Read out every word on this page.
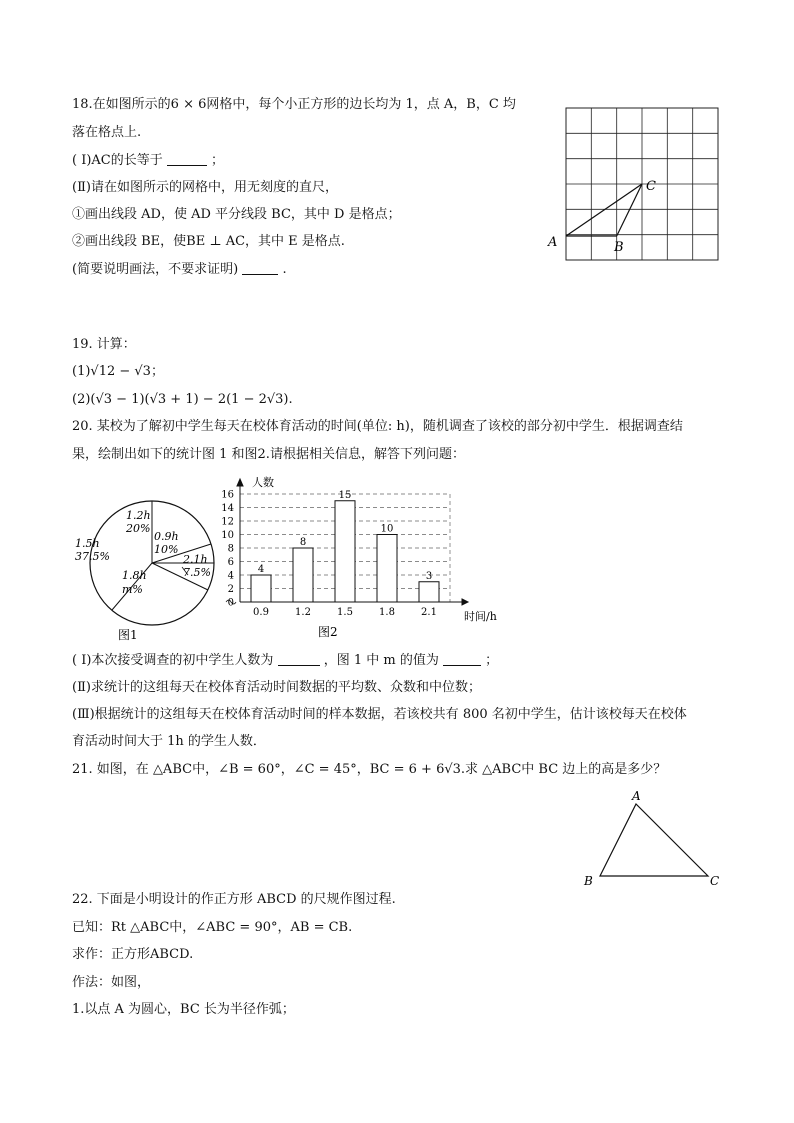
18.在如图所示的6 × 6网格中，每个小正方形的边长均为 1，点 A，B，C 均
落在格点上.
( Ⅰ)AC的长等于	；
(Ⅱ)请在如图所示的网格中，用无刻度的直尺，
①画出线段 AD，使 AD 平分线段 BC，其中 D 是格点；
②画出线段 BE，使BE ⊥ AC，其中 E 是格点.
(简要说明画法，不要求证明)	.
A	B
C
19. 计算：
(1)√12 − √3；
(2)(√3 − 1)(√3 + 1) − 2(1 − 2√3).
20. 某校为了解初中学生每天在校体育活动的时间(单位: h)，随机调查了该校的部分初中学生．根据调查结
果，绘制出如下的统计图 1 和图2.请根据相关信息，解答下列问题：
1.2h
20%
0.9h
10%
2.1h
7.5%
1.8h
m%
1.5h
37.5%
图1
0
2
4
6
8
10
12
14
16
0.9	1.2	1.5	1.8	2.1
4
8
15
10
3
人数
时间/h
图2
( Ⅰ)本次接受调查的初中学生人数为	，图 1 中 m 的值为	；
(Ⅱ)求统计的这组每天在校体育活动时间数据的平均数、众数和中位数；
(Ⅲ)根据统计的这组每天在校体育活动时间的样本数据，若该校共有 800 名初中学生，估计该校每天在校体
育活动时间大于 1h 的学生人数．
21. 如图，在 △ABC中，∠B = 60°，∠C = 45°，BC = 6 + 6√3.求 △ABC中 BC 边上的高是多少？
A
B	C
22. 下面是小明设计的作正方形 ABCD 的尺规作图过程.
已知：Rt △ABC中，∠ABC = 90°，AB = CB.
求作：正方形ABCD.
作法：如图，
1.以点 A 为圆心，BC 长为半径作弧；
